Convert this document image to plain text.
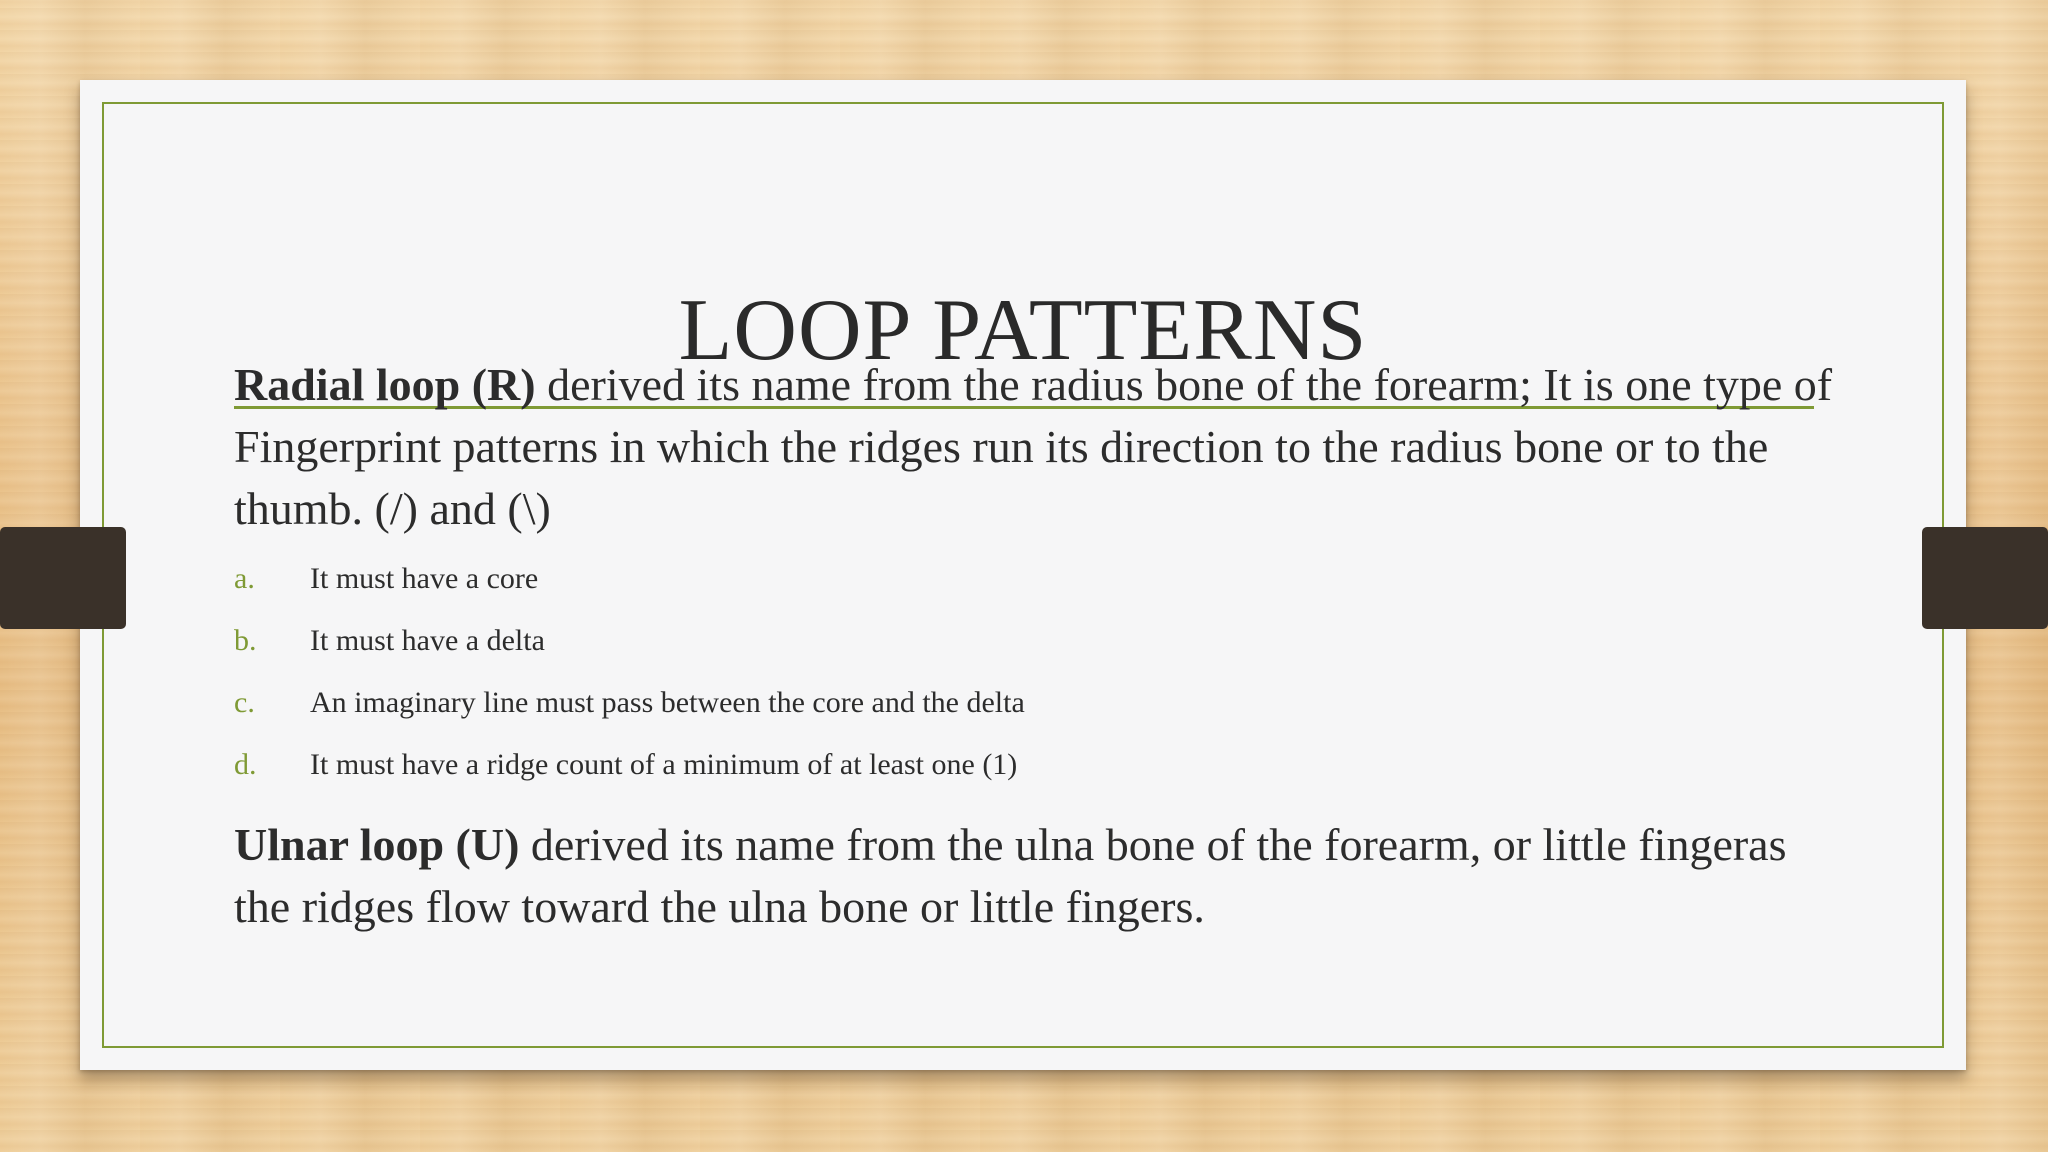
LOOP PATTERNS

Radial loop (R) derived its name from the radius bone of the forearm; It is one type of Fingerprint patterns in which the ridges run its direction to the radius bone or to the thumb. (/) and (\)

a.	It must have a core
b.	It must have a delta
c.	An imaginary line must pass between the core and the delta
d.	It must have a ridge count of a minimum of at least one (1)

Ulnar loop (U) derived its name from the ulna bone of the forearm, or little fingeras the ridges flow toward the ulna bone or little fingers.
